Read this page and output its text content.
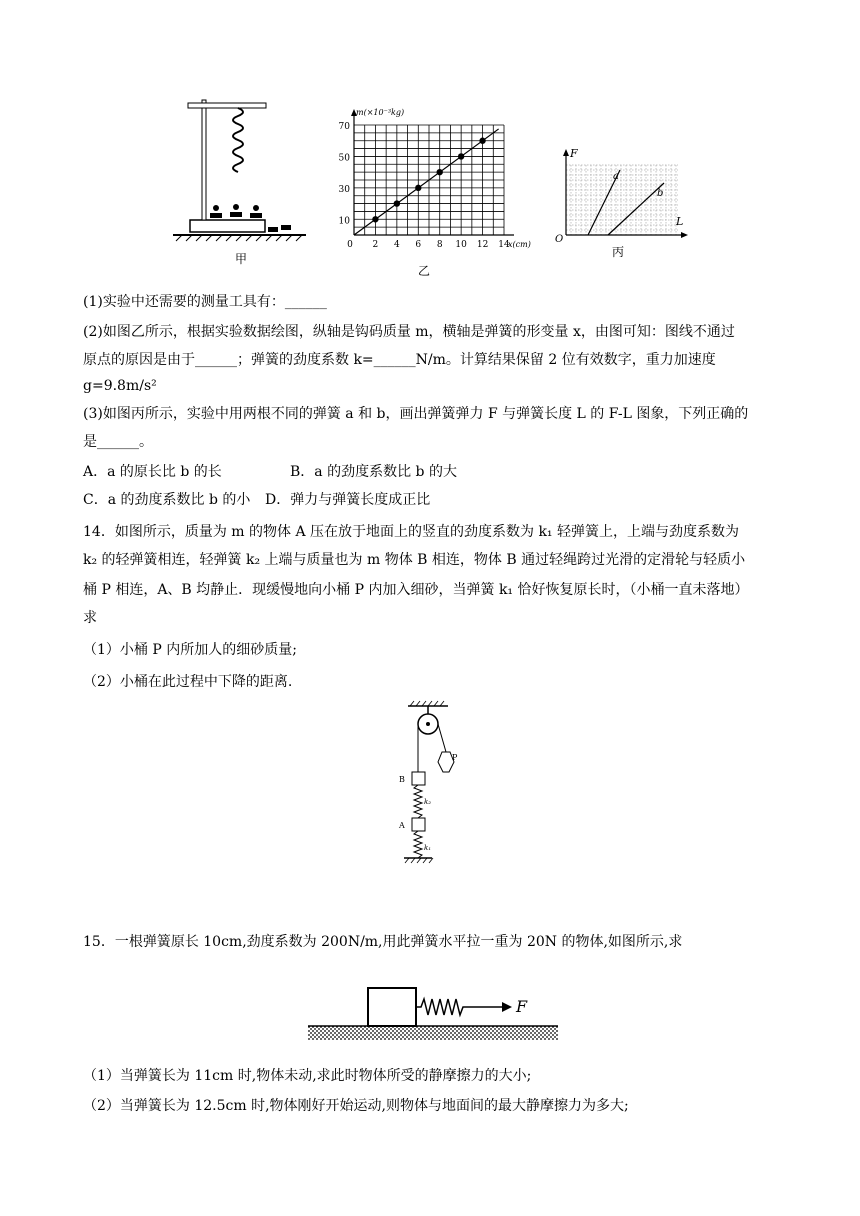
甲
10
30
50
70
2 4 6 8 10 12 14
0
m(×10⁻³kg)
x(cm)
乙
F
L
O
a
b
丙
(1)实验中还需要的测量工具有：______
(2)如图乙所示，根据实验数据绘图，纵轴是钩码质量 m，横轴是弹簧的形变量 x，由图可知：图线不通过
原点的原因是由于______；弹簧的劲度系数 k=______N/m。计算结果保留 2 位有效数字，重力加速度
g=9.8m/s²
(3)如图丙所示，实验中用两根不同的弹簧 a 和 b，画出弹簧弹力 F 与弹簧长度 L 的 F-L 图象，下列正确的
是______。
A．a 的原长比 b 的长	B．a 的劲度系数比 b 的大
C．a 的劲度系数比 b 的小 D．弹力与弹簧长度成正比
14．如图所示，质量为 m 的物体 A 压在放于地面上的竖直的劲度系数为 k₁ 轻弹簧上，上端与劲度系数为
k₂ 的轻弹簧相连，轻弹簧 k₂ 上端与质量也为 m 物体 B 相连，物体 B 通过轻绳跨过光滑的定滑轮与轻质小
桶 P 相连，A、B 均静止．现缓慢地向小桶 P 内加入细砂，当弹簧 k₁ 恰好恢复原长时，（小桶一直未落地）
求
（1）小桶 P 内所加人的细砂质量;
（2）小桶在此过程中下降的距离.
P
B
k₂
A
k₁
15．一根弹簧原长 10cm,劲度系数为 200N/m,用此弹簧水平拉一重为 20N 的物体,如图所示,求
F
（1）当弹簧长为 11cm 时,物体未动,求此时物体所受的静摩擦力的大小;
（2）当弹簧长为 12.5cm 时,物体刚好开始运动,则物体与地面间的最大静摩擦力为多大;
